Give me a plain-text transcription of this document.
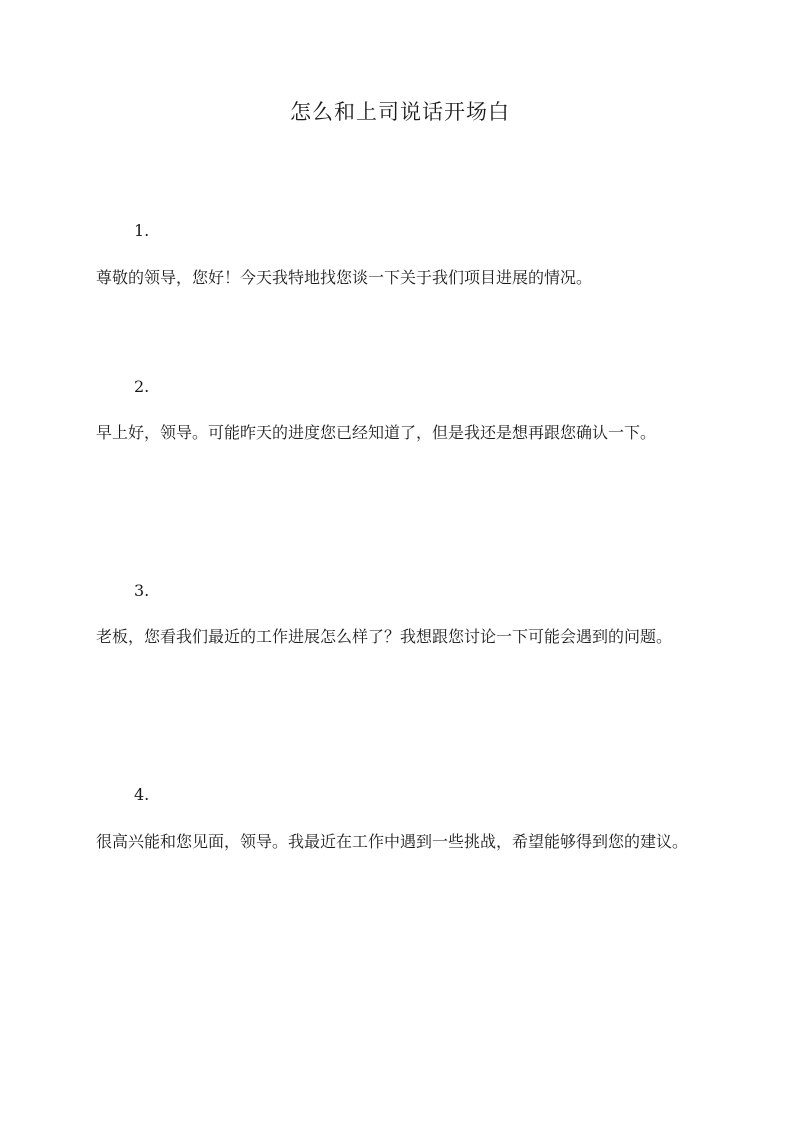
怎么和上司说话开场白
1.

尊敬的领导，您好！今天我特地找您谈一下关于我们项目进展的情况。

2.

早上好，领导。可能昨天的进度您已经知道了，但是我还是想再跟您确认一下。

3.

老板，您看我们最近的工作进展怎么样了？我想跟您讨论一下可能会遇到的问题。

4.

很高兴能和您见面，领导。我最近在工作中遇到一些挑战，希望能够得到您的建议。
